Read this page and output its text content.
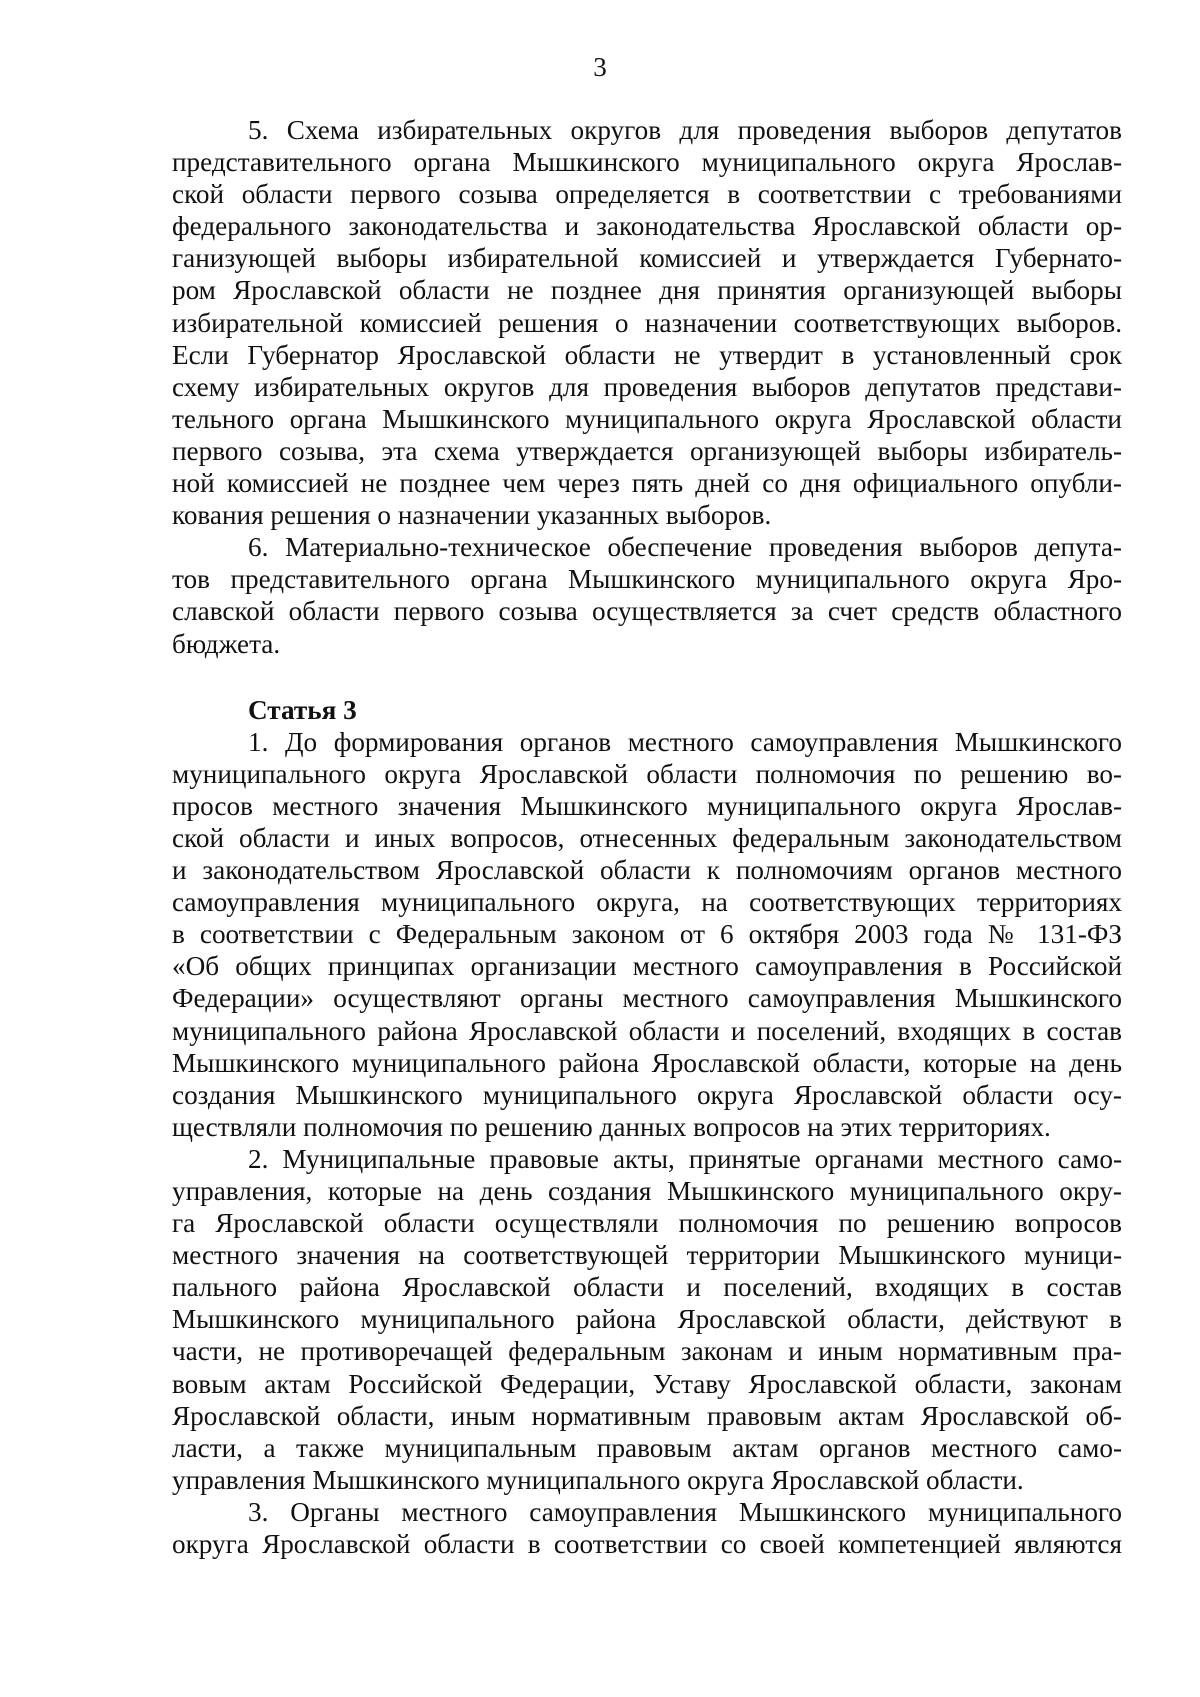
3
5. Схема избирательных округов для проведения выборов депутатов
представительного органа Мышкинского муниципального округа Ярослав-
ской области первого созыва определяется в соответствии с требованиями
федерального законодательства и законодательства Ярославской области ор-
ганизующей выборы избирательной комиссией и утверждается Губернато-
ром Ярославской области не позднее дня принятия организующей выборы
избирательной комиссией решения о назначении соответствующих выборов.
Если Губернатор Ярославской области не утвердит в установленный срок
схему избирательных округов для проведения выборов депутатов представи-
тельного органа Мышкинского муниципального округа Ярославской области
первого созыва, эта схема утверждается организующей выборы избиратель-
ной комиссией не позднее чем через пять дней со дня официального опубли-
кования решения о назначении указанных выборов.
6. Материально-техническое обеспечение проведения выборов депута-
тов представительного органа Мышкинского муниципального округа Яро-
славской области первого созыва осуществляется за счет средств областного
бюджета.
Статья 3
1. До формирования органов местного самоуправления Мышкинского
муниципального округа Ярославской области полномочия по решению во-
просов местного значения Мышкинского муниципального округа Ярослав-
ской области и иных вопросов, отнесенных федеральным законодательством
и законодательством Ярославской области к полномочиям органов местного
самоуправления муниципального округа, на соответствующих территориях
в соответствии с Федеральным законом от 6 октября 2003 года № 131-ФЗ
«Об общих принципах организации местного самоуправления в Российской
Федерации» осуществляют органы местного самоуправления Мышкинского
муниципального района Ярославской области и поселений, входящих в состав
Мышкинского муниципального района Ярославской области, которые на день
создания Мышкинского муниципального округа Ярославской области осу-
ществляли полномочия по решению данных вопросов на этих территориях.
2. Муниципальные правовые акты, принятые органами местного само-
управления, которые на день создания Мышкинского муниципального окру-
га Ярославской области осуществляли полномочия по решению вопросов
местного значения на соответствующей территории Мышкинского муници-
пального района Ярославской области и поселений, входящих в состав
Мышкинского муниципального района Ярославской области, действуют в
части, не противоречащей федеральным законам и иным нормативным пра-
вовым актам Российской Федерации, Уставу Ярославской области, законам
Ярославской области, иным нормативным правовым актам Ярославской об-
ласти, а также муниципальным правовым актам органов местного само-
управления Мышкинского муниципального округа Ярославской области.
3. Органы местного самоуправления Мышкинского муниципального
округа Ярославской области в соответствии со своей компетенцией являются
